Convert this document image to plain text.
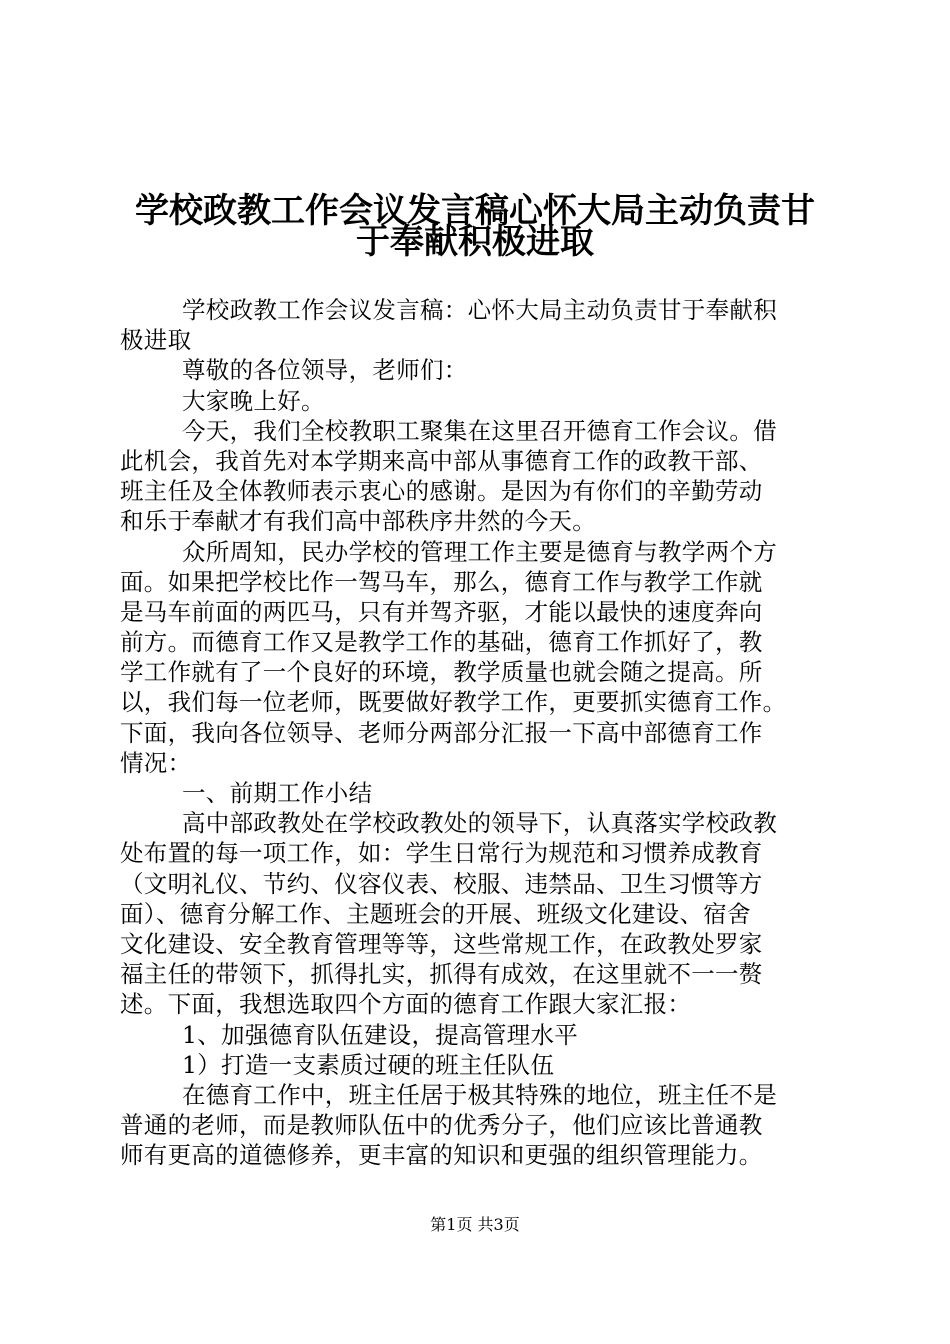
学校政教工作会议发言稿心怀大局主动负责甘
于奉献积极进取
学校政教工作会议发言稿：心怀大局主动负责甘于奉献积
极进取
尊敬的各位领导，老师们：
大家晚上好。
今天，我们全校教职工聚集在这里召开德育工作会议。借
此机会，我首先对本学期来高中部从事德育工作的政教干部、
班主任及全体教师表示衷心的感谢。是因为有你们的辛勤劳动
和乐于奉献才有我们高中部秩序井然的今天。
众所周知，民办学校的管理工作主要是德育与教学两个方
面。如果把学校比作一驾马车，那么，德育工作与教学工作就
是马车前面的两匹马，只有并驾齐驱，才能以最快的速度奔向
前方。而德育工作又是教学工作的基础，德育工作抓好了，教
学工作就有了一个良好的环境，教学质量也就会随之提高。所
以，我们每一位老师，既要做好教学工作，更要抓实德育工作。
下面，我向各位领导、老师分两部分汇报一下高中部德育工作
情况：
一、前期工作小结
高中部政教处在学校政教处的领导下，认真落实学校政教
处布置的每一项工作，如：学生日常行为规范和习惯养成教育
（文明礼仪、节约、仪容仪表、校服、违禁品、卫生习惯等方
面）、德育分解工作、主题班会的开展、班级文化建设、宿舍
文化建设、安全教育管理等等，这些常规工作，在政教处罗家
福主任的带领下，抓得扎实，抓得有成效，在这里就不一一赘
述。下面，我想选取四个方面的德育工作跟大家汇报：
1、加强德育队伍建设，提高管理水平
1）打造一支素质过硬的班主任队伍
在德育工作中，班主任居于极其特殊的地位，班主任不是
普通的老师，而是教师队伍中的优秀分子，他们应该比普通教
师有更高的道德修养，更丰富的知识和更强的组织管理能力。
第1页 共3页
